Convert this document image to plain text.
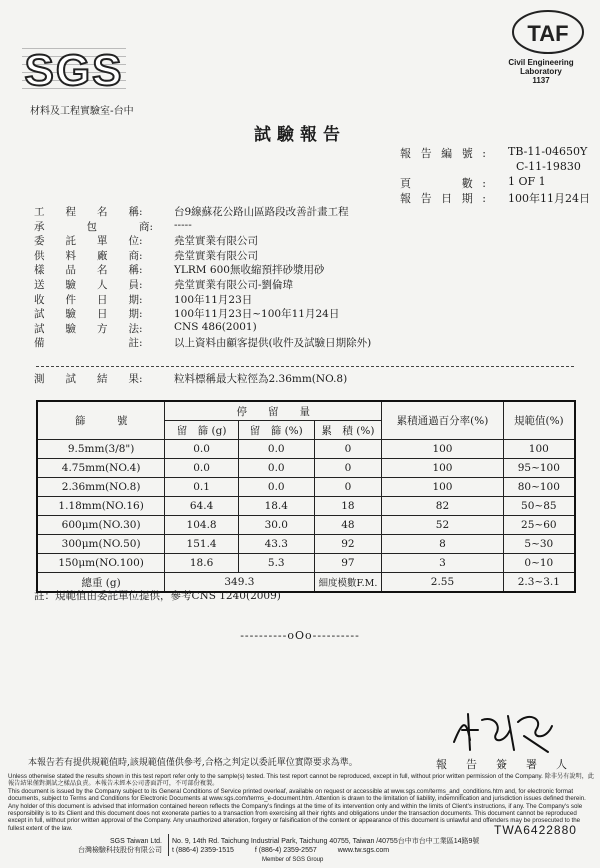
SGS
材料及工程實驗室-台中
TAF
Civil Engineering
Laboratory
1137
試驗報告
報告編號: TB-11-04650Y
C-11-19830
頁　　數: 1 OF 1
報告日期: 100年11月24日
工　　程　　名　　稱:	台9線蘇花公路山區路段改善計畫工程
承　　　　包　　　　商: -----
委　　託　　單　　位:	堯堂實業有限公司
供　　料　　廠　　商:	堯堂實業有限公司
樣　　品　　名　　稱:	YLRM 600無收縮預拌砂漿用砂
送　　驗　　人　　員:	堯堂實業有限公司-劉倫瑋
收　　件　　日　　期:	100年11月23日
試　　驗　　日　　期:	100年11月23日~100年11月24日
試　　驗　　方　　法:	CNS 486(2001)
備　　　　　　　　註:	以上資料由顧客提供(收件及試驗日期除外)
測　　試　　結　　果:	粒料標稱最大粒徑為2.36mm(NO.8)
篩　　　號	停　　留　　量			累積通過百分率(%)	規範值(%)
	留　篩 (g)	留　篩 (%)	累　積 (%)		
9.5mm(3/8")	0.0	0.0	0	100	100
4.75mm(NO.4)	0.0	0.0	0	100	95~100
2.36mm(NO.8)	0.1	0.0	0	100	80~100
1.18mm(NO.16)	64.4	18.4	18	82	50~85
600μm(NO.30)	104.8	30.0	48	52	25~60
300μm(NO.50)	151.4	43.3	92	8	5~30
150μm(NO.100)	18.6	5.3	97	3	0~10
總重 (g)	349.3		細度模數F.M.	2.55	2.3~3.1
註：規範值由委託單位提供，參考CNS 1240(2009)
----------oOo----------
報　告　簽　署　人
本報告若有提供規範值時,該規範值僅供參考,合格之判定以委託單位實際要求為準。
Unless otherwise stated the results shown in this test report refer only to the sample(s) tested. This test report cannot be reproduced, except in full, without prior written permission of the Company. 除非另有說明，此報告結果僅對測試之樣品負責。本報告未經本公司書面許可，不可部份複製。
This document is issued by the Company subject to its General Conditions of Service printed overleaf, available on request or accessible at www.sgs.com/terms_and_conditions.htm and, for electronic format documents, subject to Terms and Conditions for Electronic Documents at www.sgs.com/terms_e-document.htm. Attention is drawn to the limitation of liability, indemnification and jurisdiction issues defined therein. Any holder of this document is advised that information contained hereon reflects the Company's findings at the time of its intervention only and within the limits of Client's instructions, if any. The Company's sole responsibility is to its Client and this document does not exonerate parties to a transaction from exercising all their rights and obligations under the transaction documents. This document cannot be reproduced except in full, without prior written approval of the Company. Any unauthorized alteration, forgery or falsification of the content or appearance of this document is unlawful and offenders may be prosecuted to the fullest extent of the law.	TWA6422880
SGS Taiwan Ltd.
台灣檢驗科技股份有限公司
No. 9, 14th Rd. Taichung Industrial Park, Taichung 40755, Taiwan /40755台中市台中工業區14路9號
t (886-4) 2359-1515　　　f (886-4) 2359-2557　　　www.tw.sgs.com
Member of SGS Group
